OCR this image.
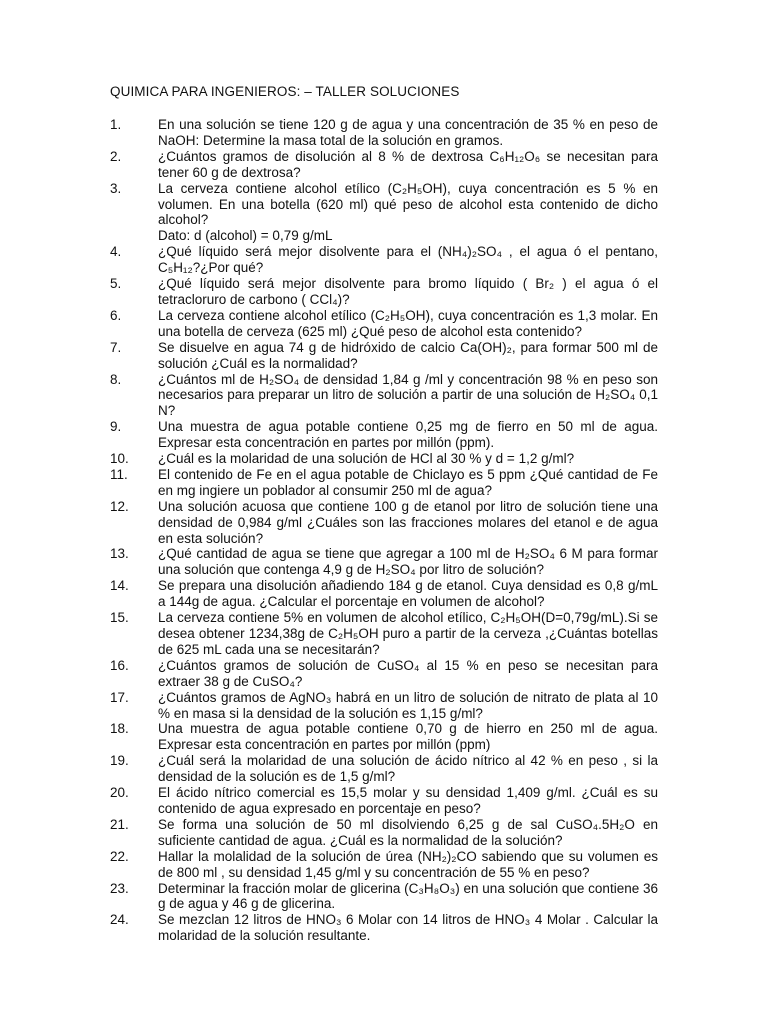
QUIMICA PARA INGENIEROS: – TALLER SOLUCIONES
1.	En una solución se tiene 120 g de agua y una concentración de 35 % en peso de NaOH: Determine la masa total de la solución en gramos.
2.	¿Cuántos gramos de disolución al 8 % de dextrosa C₆H₁₂O₆ se necesitan para tener 60 g de dextrosa?
3.	La cerveza contiene alcohol etílico (C₂H₅OH), cuya concentración es 5 % en volumen. En una botella (620 ml) qué peso de alcohol esta contenido de dicho alcohol?
Dato: d (alcohol) = 0,79 g/mL
4.	¿Qué líquido será mejor disolvente para el (NH₄)₂SO₄ , el agua ó el pentano, C₅H₁₂?¿Por qué?
5.	¿Qué líquido será mejor disolvente para bromo líquido ( Br₂ ) el agua ó el tetracloruro de carbono ( CCl₄)?
6.	La cerveza contiene alcohol etílico (C₂H₅OH), cuya concentración es 1,3 molar. En una botella de cerveza (625 ml) ¿Qué peso de alcohol esta contenido?
7.	Se disuelve en agua 74 g de hidróxido de calcio Ca(OH)₂, para formar 500 ml de solución ¿Cuál es la normalidad?
8.	¿Cuántos ml de H₂SO₄ de densidad 1,84 g /ml y concentración 98 % en peso son necesarios para preparar un litro de solución a partir de una solución de H₂SO₄ 0,1 N?
9.	Una muestra de agua potable contiene 0,25 mg de fierro en 50 ml de agua. Expresar esta concentración en partes por millón (ppm).
10.	¿Cuál es la molaridad de una solución de HCl al 30 % y d = 1,2 g/ml?
11.	El contenido de Fe en el agua potable de Chiclayo es 5 ppm ¿Qué cantidad de Fe en mg ingiere un poblador al consumir 250 ml de agua?
12.	Una solución acuosa que contiene 100 g de etanol por litro de solución tiene una densidad de 0,984 g/ml ¿Cuáles son las fracciones molares del etanol e de agua en esta solución?
13.	¿Qué cantidad de agua se tiene que agregar a 100 ml de H₂SO₄ 6 M para formar una solución que contenga 4,9 g de H₂SO₄ por litro de solución?
14.	Se prepara una disolución añadiendo 184 g de etanol. Cuya densidad es 0,8 g/mL a 144g de agua. ¿Calcular el porcentaje en volumen de alcohol?
15.	La cerveza contiene 5% en volumen de alcohol etílico, C₂H₅OH(D=0,79g/mL).Si se desea obtener 1234,38g de C₂H₅OH puro a partir de la cerveza ,¿Cuántas botellas de 625 mL cada una se necesitarán?
16.	¿Cuántos gramos de solución de CuSO₄ al 15 % en peso se necesitan para extraer 38 g de CuSO₄?
17.	¿Cuántos gramos de AgNO₃ habrá en un litro de solución de nitrato de plata al 10 % en masa si la densidad de la solución es 1,15 g/ml?
18.	Una muestra de agua potable contiene 0,70 g de hierro en 250 ml de agua. Expresar esta concentración en partes por millón (ppm)
19.	¿Cuál será la molaridad de una solución de ácido nítrico al 42 % en peso , si la densidad de la solución es de 1,5 g/ml?
20.	El ácido nítrico comercial es 15,5 molar y su densidad 1,409 g/ml. ¿Cuál es su contenido de agua expresado en porcentaje en peso?
21.	Se forma una solución de 50 ml disolviendo 6,25 g de sal CuSO₄.5H₂O en suficiente cantidad de agua. ¿Cuál es la normalidad de la solución?
22.	Hallar la molalidad de la solución de úrea (NH₂)₂CO sabiendo que su volumen es de 800 ml , su densidad 1,45 g/ml y su concentración de 55 % en peso?
23.	Determinar la fracción molar de glicerina (C₃H₈O₃) en una solución que contiene 36 g de agua y 46 g de glicerina.
24.	Se mezclan 12 litros de HNO₃ 6 Molar con 14 litros de HNO₃ 4 Molar . Calcular la molaridad de la solución resultante.
